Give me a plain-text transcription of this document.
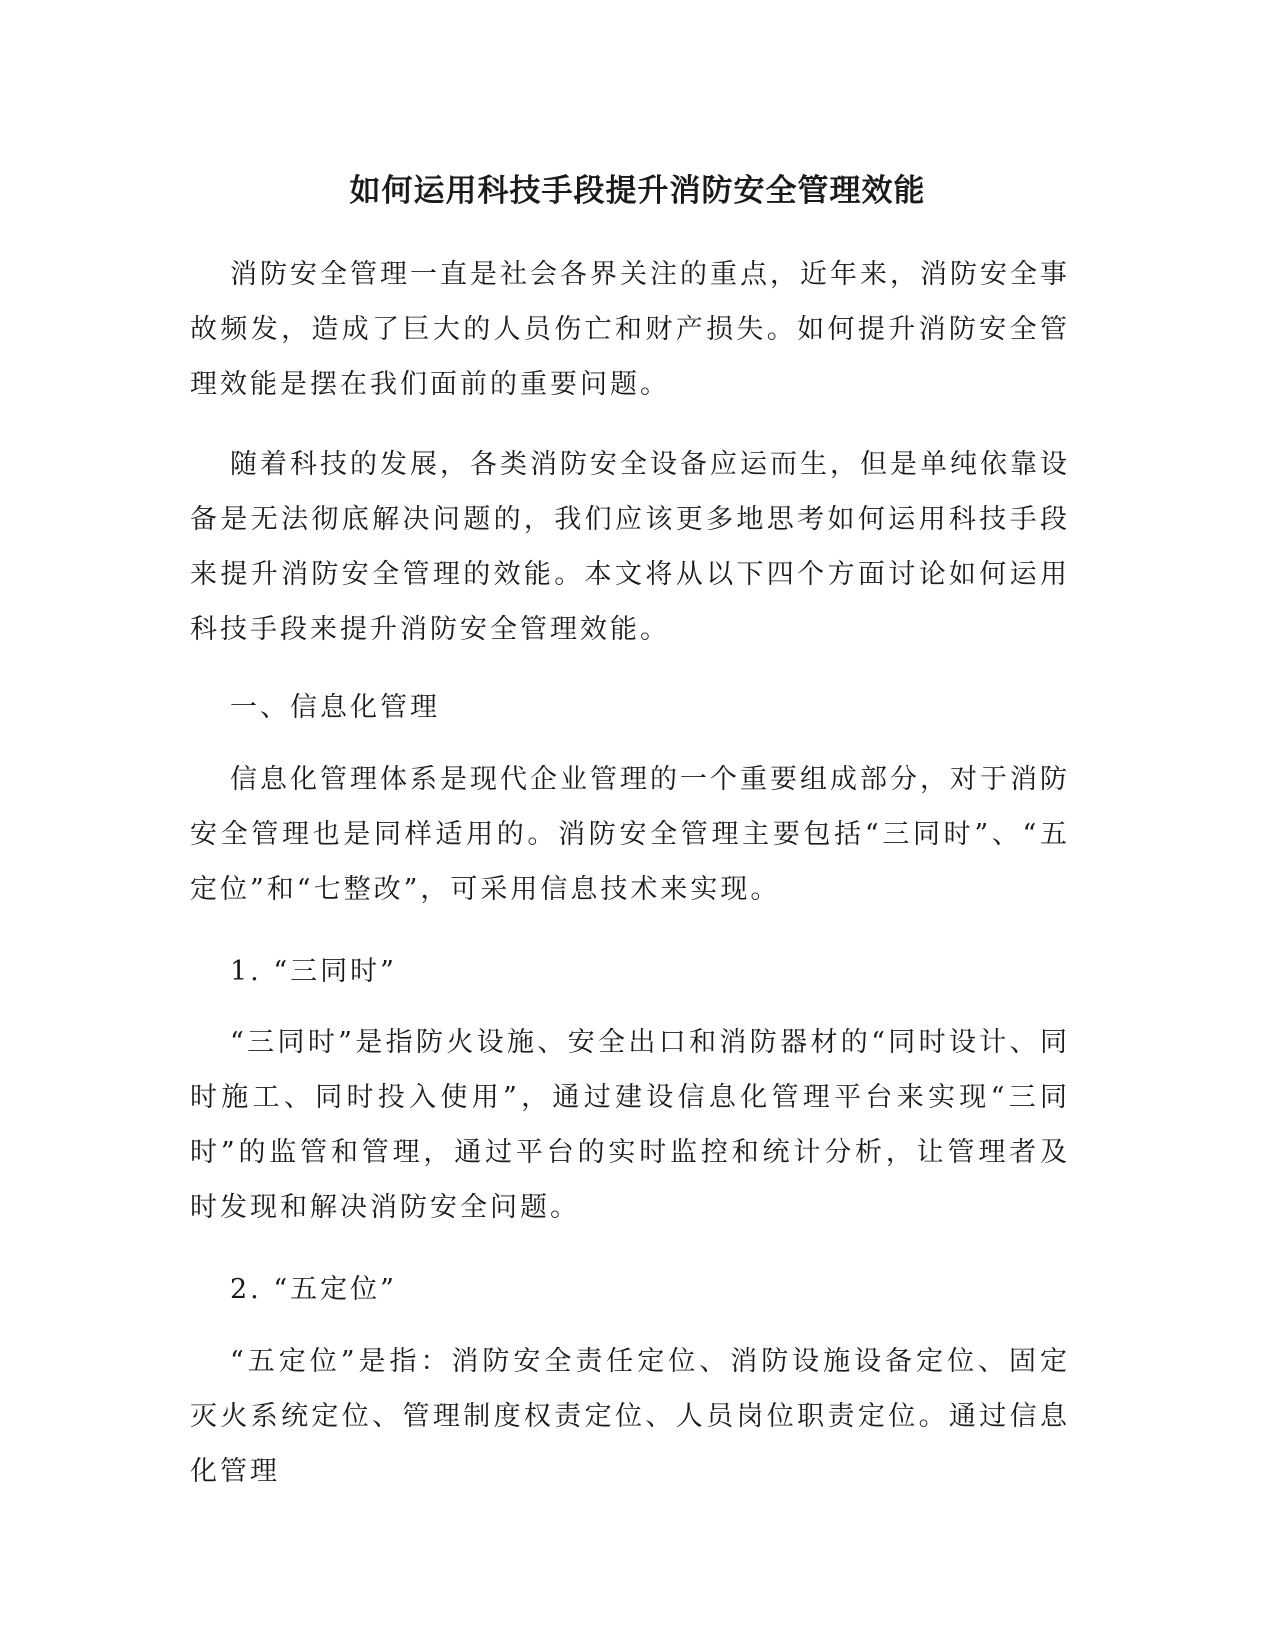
如何运用科技手段提升消防安全管理效能

消防安全管理一直是社会各界关注的重点，近年来，消防安全事故频发，造成了巨大的人员伤亡和财产损失。如何提升消防安全管理效能是摆在我们面前的重要问题。

随着科技的发展，各类消防安全设备应运而生，但是单纯依靠设备是无法彻底解决问题的，我们应该更多地思考如何运用科技手段来提升消防安全管理的效能。本文将从以下四个方面讨论如何运用科技手段来提升消防安全管理效能。

一、信息化管理

信息化管理体系是现代企业管理的一个重要组成部分，对于消防安全管理也是同样适用的。消防安全管理主要包括“三同时”、“五定位”和“七整改”，可采用信息技术来实现。

1. “三同时”

“三同时”是指防火设施、安全出口和消防器材的“同时设计、同时施工、同时投入使用”，通过建设信息化管理平台来实现“三同时”的监管和管理，通过平台的实时监控和统计分析，让管理者及时发现和解决消防安全问题。

2. “五定位”

“五定位”是指：消防安全责任定位、消防设施设备定位、固定灭火系统定位、管理制度权责定位、人员岗位职责定位。通过信息化管理
